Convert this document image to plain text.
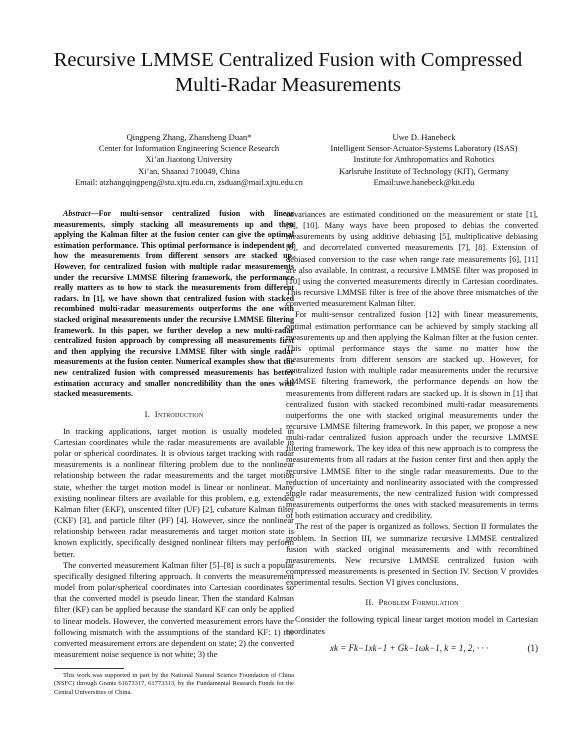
Recursive LMMSE Centralized Fusion with Compressed Multi-Radar Measurements
Qingpeng Zhang, Zhansheng Duan*
Center for Information Engineering Science Research
Xi’an Jiaotong University
Xi’an, Shaanxi 710049, China
Email: atzhangqingpeng@stu.xjtu.edu.cn, zsduan@mail.xjtu.edu.cn
Uwe D. Hanebeck
Intelligent Sensor-Actuator-Systems Laboratory (ISAS)
Institute for Anthropomatics and Robotics
Karlsruhe Institute of Technology (KIT), Germany
Email:uwe.hanebeck@kit.edu

Abstract—For multi-sensor centralized fusion with linear measurements, simply stacking all measurements up and then applying the Kalman filter at the fusion center can give the optimal estimation performance. This optimal performance is independent of how the measurements from different sensors are stacked up. However, for centralized fusion with multiple radar measurements under the recursive LMMSE filtering framework, the performance really matters as to how to stack the measurements from different radars. In [1], we have shown that centralized fusion with stacked recombined multi-radar measurements outperforms the one with stacked original measurements under the recursive LMMSE filtering framework. In this paper, we further develop a new multi-radar centralized fusion approach by compressing all measurements first and then applying the recursive LMMSE filter with single radar measurements at the fusion center. Numerical examples show that the new centralized fusion with compressed measurements has better estimation accuracy and smaller noncredibility than the ones with stacked measurements.

I. Introduction

In tracking applications, target motion is usually modeled in Cartesian coordinates while the radar measurements are available in polar or spherical coordinates. It is obvious target tracking with radar measurements is a nonlinear filtering problem due to the nonlinear relationship between the radar measurements and the target motion state, whether the target motion model is linear or nonlinear. Many existing nonlinear filters are available for this problem, e.g. extended Kalman filter (EKF), unscented filter (UF) [2], cubature Kalman filter (CKF) [3], and particle filter (PF) [4]. However, since the nonlinear relationship between radar measurements and target motion state is known explicitly, specifically designed nonlinear filters may perform better.

The converted measurement Kalman filter [5]–[8] is such a popular specifically designed filtering approach. It converts the measurement model from polar/spherical coordinates into Cartesian coordinates so that the converted model is pseudo linear. Then the standard Kalman filter (KF) can be applied because the standard KF can only be applied to linear models. However, the converted measurement errors have the following mismatch with the assumptions of the standard KF: 1) the converted measurement errors are dependent on state; 2) the converted measurement noise sequence is not white; 3) the

This work was supported in part by the National Natural Science Foundation of China (NSFC) through Grants 61673317, 61773313, by the Fundamental Research Funds for the Central Universities of China.

covariances are estimated conditioned on the measurement or state [1], [9], [10]. Many ways have been proposed to debias the converted measurements by using additive debiasing [5], multiplicative debiasing [6], and decorrelated converted measurements [7], [8]. Extension of debiased conversion to the case when range rate measurements [6], [11] are also available. In contrast, a recursive LMMSE filter was proposed in [10] using the converted measurements directly in Cartesian coordinates. This recursive LMMSE filter is free of the above three mismatches of the converted measurement Kalman filter.

For multi-sensor centralized fusion [12] with linear measurements, optimal estimation performance can be achieved by simply stacking all measurements up and then applying the Kalman filter at the fusion center. This optimal performance stays the same no matter how the measurements from different sensors are stacked up. However, for centralized fusion with multiple radar measurements under the recursive LMMSE filtering framework, the performance depends on how the measurements from different radars are stacked up. It is shown in [1] that centralized fusion with stacked recombined multi-radar measurements outperforms the one with stacked original measurements under the recursive LMMSE filtering framework. In this paper, we propose a new multi-radar centralized fusion approach under the recursive LMMSE filtering framework. The key idea of this new approach is to compress the measurements from all radars at the fusion center first and then apply the recursive LMMSE filter to the single radar measurements. Due to the reduction of uncertainty and nonlinearity associated with the compressed single radar measurements, the new centralized fusion with compressed measurements outperforms the ones with stacked measurements in terms of both estimation accuracy and credibility.

The rest of the paper is organized as follows. Section II formulates the problem. In Section III, we summarize recursive LMMSE centralized fusion with stacked original measurements and with recombined measurements. New recursive LMMSE centralized fusion with compressed measurements is presented in Section IV. Section V provides experimental results. Section VI gives conclusions.

II. Problem Formulation

Consider the following typical linear target motion model in Cartesian coordinates

xk = Fk−1xk−1 + Gk−1ωk−1, k = 1, 2, · · ·	(1)
